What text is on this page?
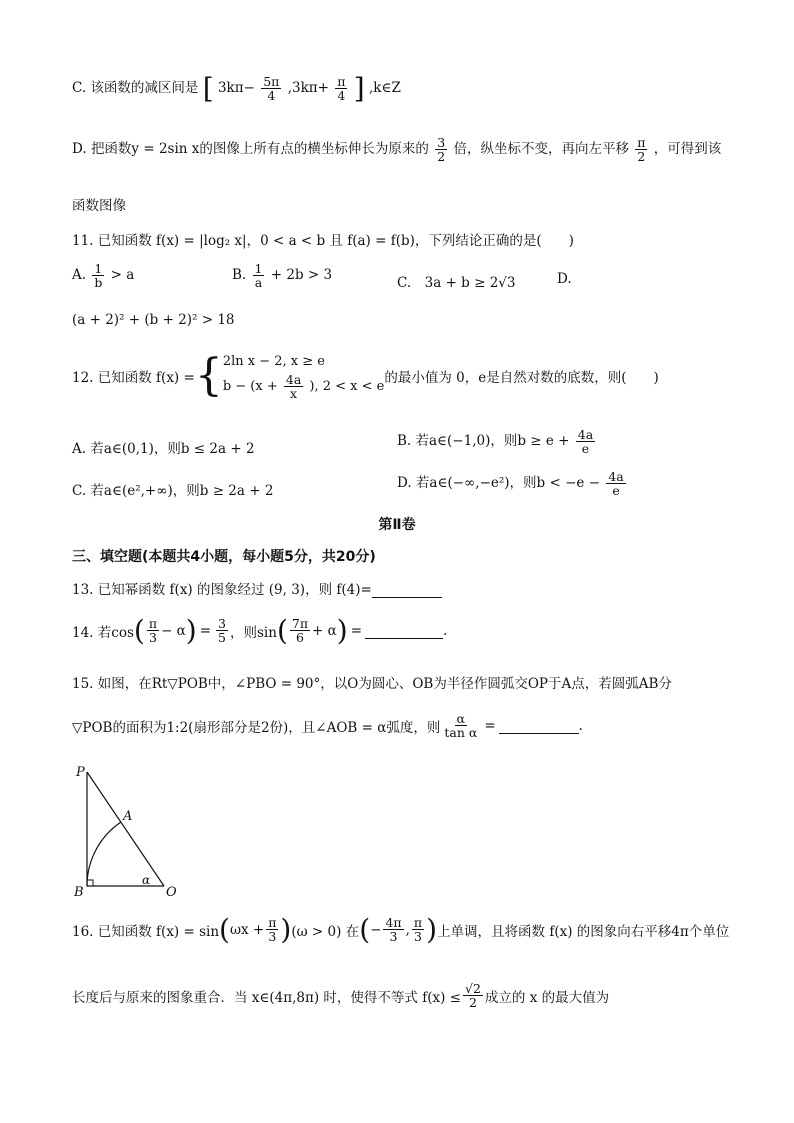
C. 该函数的减区间是 [ $3k\pi- \frac{5\pi}{4} ,3k\pi+ \frac{\pi}{4}$ ] ,k∈Z
D. 把函数y = 2sin x的图像上所有点的横坐标伸长为原来的 $\frac{3}{2}$ 倍，纵坐标不变，再向左平移 $\frac{\pi}{2}$ ，可得到该
函数图像
11. 已知函数 f(x) = |log₂ x|，0 < a < b 且 f(a) = f(b)，下列结论正确的是(　　)
A. $\frac{1}{b} > a$	B. $\frac{1}{a} + 2b > 3$	C.　3a + b ≥ 2√3	D.
(a + 2)² + (b + 2)² > 18
12. 已知函数 f(x) = { 2ln x − 2, x ≥ e
$b - (x + \frac{4a}{x}$ ), 2 < x < e
的最小值为 0，e是自然对数的底数，则(　　)
A. 若a∈(0,1)，则b ≤ 2a + 2	B. 若a∈(−1,0)，则$b \ge e + \frac{4a}{e}$
C. 若a∈(e²,+∞)，则b ≥ 2a + 2	D. 若a∈(−∞,−e²)，则$b < -e - \frac{4a}{e}$
第Ⅱ卷
三、填空题(本题共4小题，每小题5分，共20分)
13. 已知幂函数 f(x) 的图象经过 (9, 3)，则 f(4)=
14. 若cos ( $\frac{\pi}{3} - \alpha$ ) = $\frac{3}{5}$ ，则sin ( $\frac{7\pi}{6} + \alpha$ ) =	.
15. 如图，在Rt▽POB中，∠PBO = 90°，以O为圆心、OB为半径作圆弧交OP于A点，若圆弧AB分
▽POB的面积为1:2(扇形部分是2份)，且∠AOB = α弧度，则 $\frac{\alpha}{\text{tan α}}$ =	.
P
A
B	O
α
16. 已知函数 f(x) = sin ( $\omega x + \frac{\pi}{3}$ ) (ω > 0) 在 ( − $\frac{4\pi}{3}$ , $\frac{\pi}{3}$ ) 上单调，且将函数 f(x) 的图象向右平移4π个单位
长度后与原来的图象重合．当 x∈(4π,8π) 时，使得不等式 $f(x) \le \frac{√2}{2}$ 成立的 x 的最大值为
